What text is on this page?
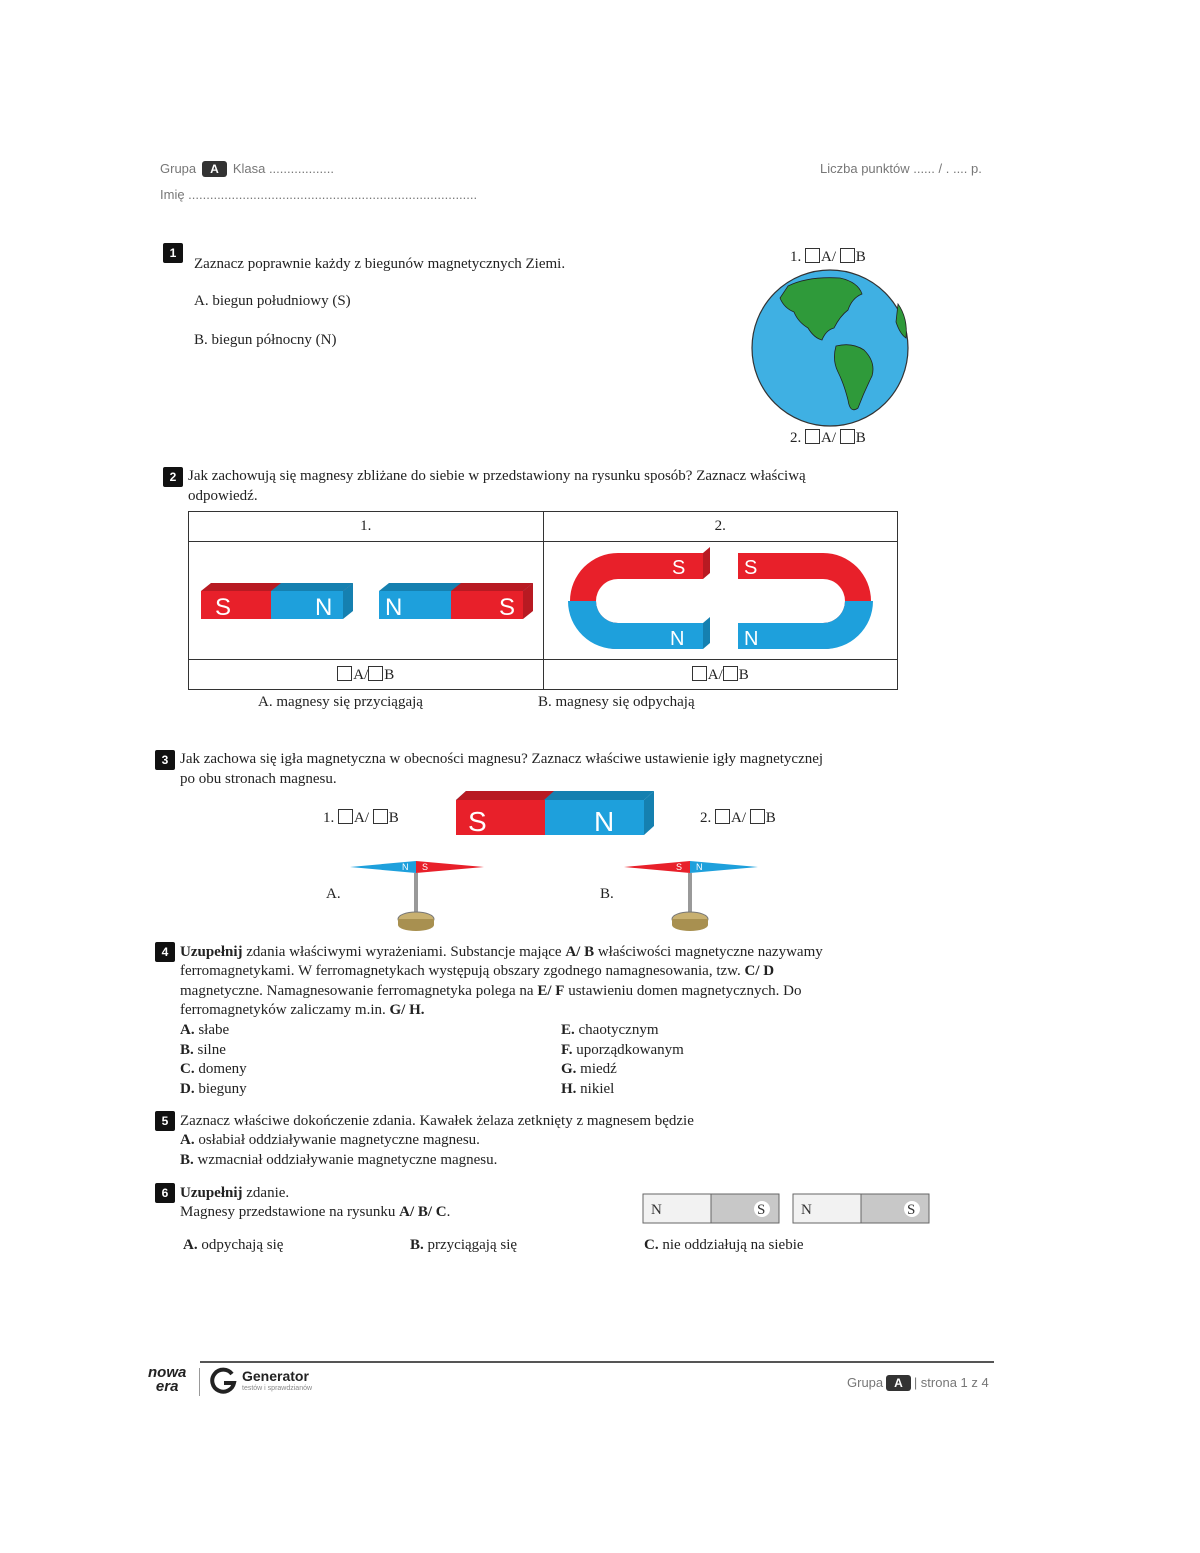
Grupa A Klasa ..................
Imię ................................................................................
Liczba punktów ...... / . .... p.
1
Zaznacz poprawnie każdy z biegunów magnetycznych Ziemi.
A. biegun południowy (S)
B. biegun północny (N)
1. A/ B
2. A/ B
2 Jak zachowują się magnesy zbliżane do siebie w przedstawiony na rysunku sposób? Zaznacz właściwą
odpowiedź.
1.	2.

S N N S	S
N
S
N

A/ B	A/ B
A. magnesy się przyciągają	B. magnesy się odpychają
3 Jak zachowa się igła magnetyczna w obecności magnesu? Zaznacz właściwe ustawienie igły magnetycznej
po obu stronach magnesu.
1. A/ B S	N	2. A/ B
A.
N S
B.
S N
4 Uzupełnij zdania właściwymi wyrażeniami. Substancje mające A/ B właściwości magnetyczne nazywamy
ferromagnetykami. W ferromagnetykach występują obszary zgodnego namagnesowania, tzw. C/ D
magnetyczne. Namagnesowanie ferromagnetyka polega na E/ F ustawieniu domen magnetycznych. Do
ferromagnetyków zaliczamy m.in. G/ H.
A. słabe
B. silne
C. domeny
D. bieguny
E. chaotycznym
F. uporządkowanym
G. miedź
H. nikiel
5 Zaznacz właściwe dokończenie zdania. Kawałek żelaza zetknięty z magnesem będzie
A. osłabiał oddziaływanie magnetyczne magnesu.
B. wzmacniał oddziaływanie magnetyczne magnesu.
6 Uzupełnij zdanie.
Magnesy przedstawione na rysunku A/ B/ C.
A. odpychają się	B. przyciągają się	C. nie oddziałują na siebie
N	S N	S
nowa
era
Generator
testów i sprawdzianów	Grupa A | strona 1 z 4
